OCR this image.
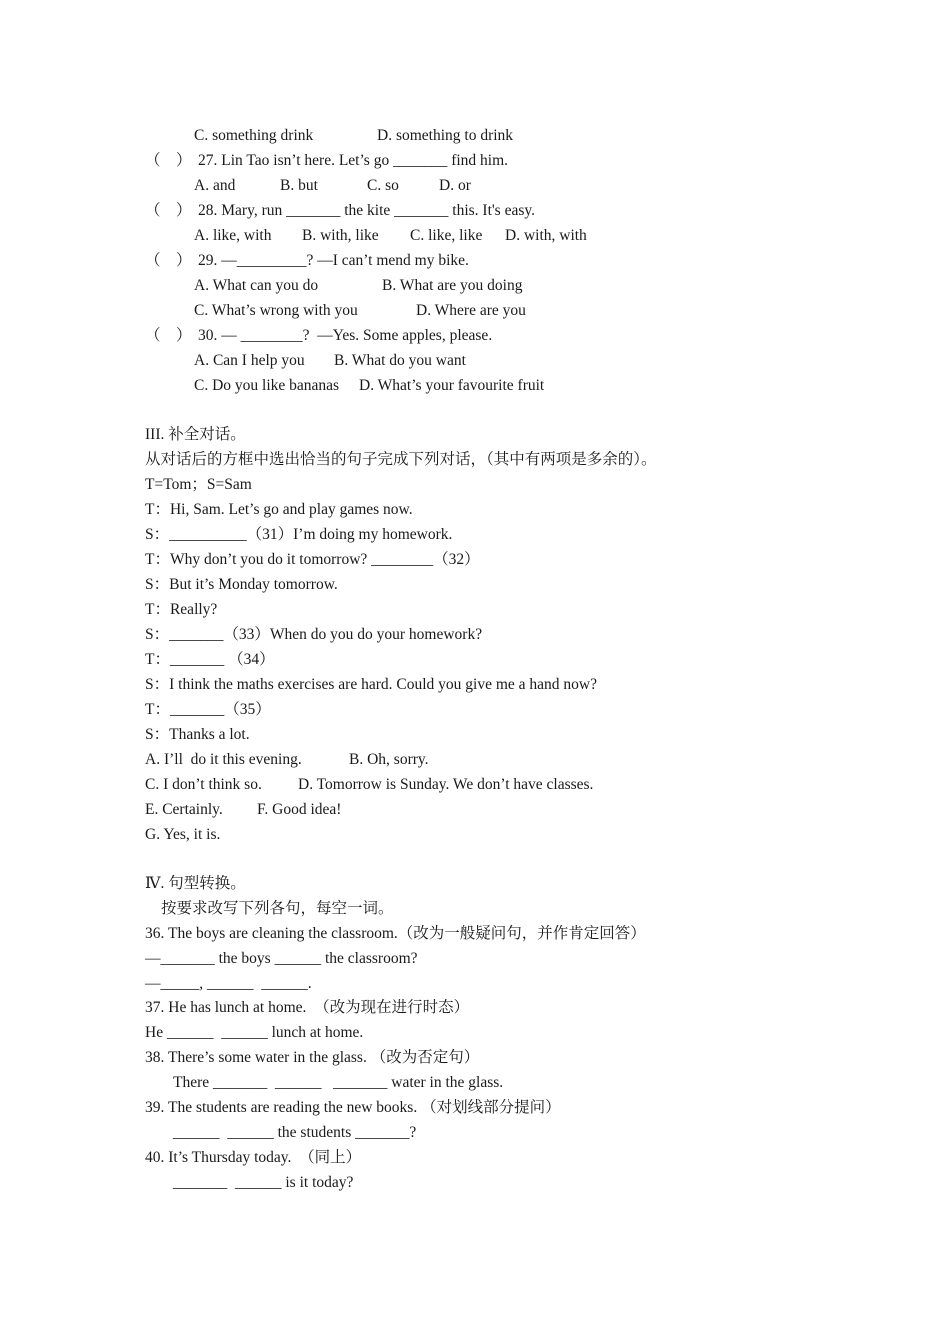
C. something drink	D. something to drink
（    ） 27. Lin Tao isn’t here. Let’s go _______ find him.
A. and	B. but	C. so	D. or
（    ） 28. Mary, run _______ the kite _______ this. It's easy.
A. like, with B. with, like C. like, like D. with, with
（    ） 29. —_________? —I can’t mend my bike.
A. What can you do	B. What are you doing
C. What’s wrong with you	D. Where are you
（    ） 30. — ________?  —Yes. Some apples, please.
A. Can I help you B. What do you want
C. Do you like bananas D. What’s your favourite fruit
III. 补全对话。
从对话后的方框中选出恰当的句子完成下列对话，（其中有两项是多余的）。
T=Tom；S=Sam
T：Hi, Sam. Let’s go and play games now.
S：__________（31）I’m doing my homework.
T：Why don’t you do it tomorrow? ________（32）
S：But it’s Monday tomorrow.
T：Really?
S：_______（33）When do you do your homework?
T：_______ （34）
S：I think the maths exercises are hard. Could you give me a hand now?
T：_______（35）
S：Thanks a lot.
A. I’ll  do it this evening.	B. Oh, sorry.
C. I don’t think so. D. Tomorrow is Sunday. We don’t have classes.
E. Certainly. F. Good idea!
G. Yes, it is.
Ⅳ. 句型转换。
按要求改写下列各句，每空一词。
36. The boys are cleaning the classroom.（改为一般疑问句，并作肯定回答）
—_______ the boys ______ the classroom?
—_____, ______  ______.
37. He has lunch at home.  （改为现在进行时态）
He ______  ______ lunch at home.
38. There’s some water in the glass. （改为否定句）
There _______  ______   _______ water in the glass.
39. The students are reading the new books. （对划线部分提问）
______  ______ the students _______?
40. It’s Thursday today.  （同上）
_______  ______ is it today?
